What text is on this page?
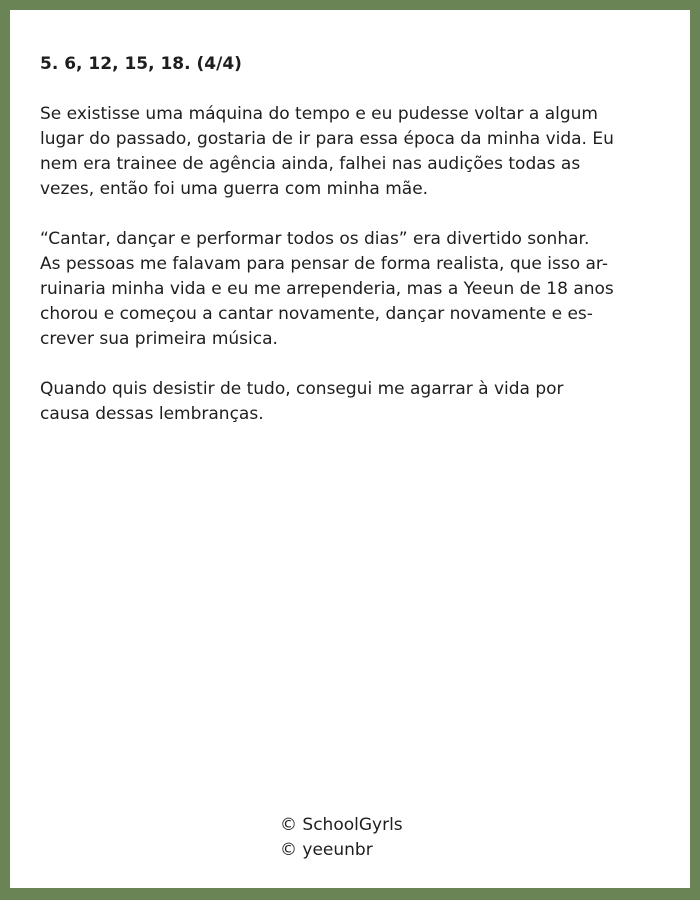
5. 6, 12, 15, 18. (4/4)
Se existisse uma máquina do tempo e eu pudesse voltar a algum
lugar do passado, gostaria de ir para essa época da minha vida. Eu
nem era trainee de agência ainda, falhei nas audições todas as
vezes, então foi uma guerra com minha mãe.
“Cantar, dançar e performar todos os dias” era divertido sonhar.
As pessoas me falavam para pensar de forma realista, que isso ar-
ruinaria minha vida e eu me arrependeria, mas a Yeeun de 18 anos
chorou e começou a cantar novamente, dançar novamente e es-
crever sua primeira música.
Quando quis desistir de tudo, consegui me agarrar à vida por
causa dessas lembranças.
© SchoolGyrls
© yeeunbr
